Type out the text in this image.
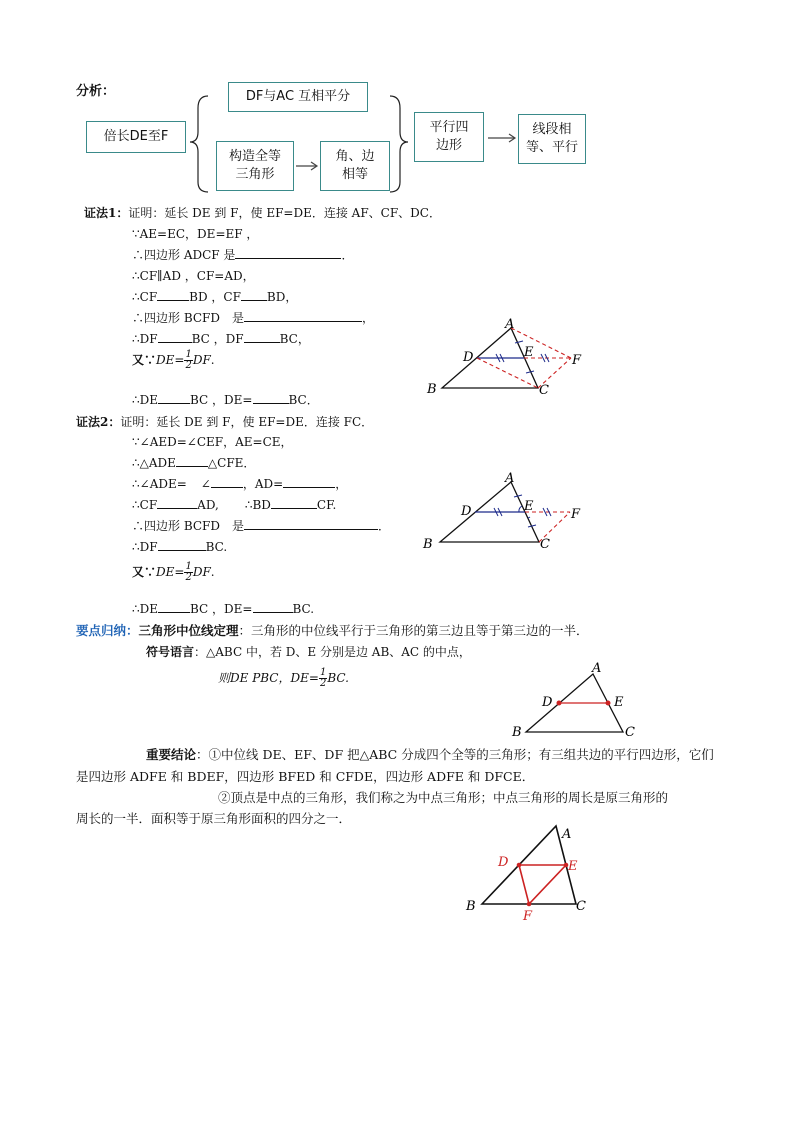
分析：
倍长DE至F
DF与AC 互相平分
构造全等
三角形
角、边
相等
平行四
边形
线段相
等、平行
证法1：证明：延长 DE 到 F，使 EF=DE．连接 AF、CF、DC．
∵AE=EC，DE=EF ，
∴四边形 ADCF 是	．
∴CF∥AD ，CF=AD，
∴CF	BD ，CF BD，
∴四边形 BCFD　是	，
∴DF	BC ，DF	BC，
又∵DE= $\frac{1}{2}$ DF.
∴DE	BC ，DE=	BC．
A
D	E
F
B	C
证法2：证明：延长 DE 到 F，使 EF=DE．连接 FC．
∵∠AED=∠CEF，AE=CE，
∴△ADE	△CFE．
∴∠ADE= ∠	，AD=	，
∴CF	AD, ∴BD	CF.
∴四边形 BCFD　是	．
∴DF	BC.
又∵DE= $\frac{1}{2}$ DF.
∴DE	BC ，DE=	BC.
A
D	E
F
B	C
要点归纳：三角形中位线定理：三角形的中位线平行于三角形的第三边且等于第三边的一半．
符号语言：△ABC 中，若 D、E 分别是边 AB、AC 的中点，
则DE PBC，$DE= \frac{1}{2}$ BC.
A
D	E
B	C
重要结论：①中位线 DE、EF、DF 把△ABC 分成四个全等的三角形；有三组共边的平行四边形，它们
是四边形 ADFE 和 BDEF，四边形 BFED 和 CFDE，四边形 ADFE 和 DFCE．
②顶点是中点的三角形，我们称之为中点三角形；中点三角形的周长是原三角形的
周长的一半．面积等于原三角形面积的四分之一．
A
D	E
F
B	C
